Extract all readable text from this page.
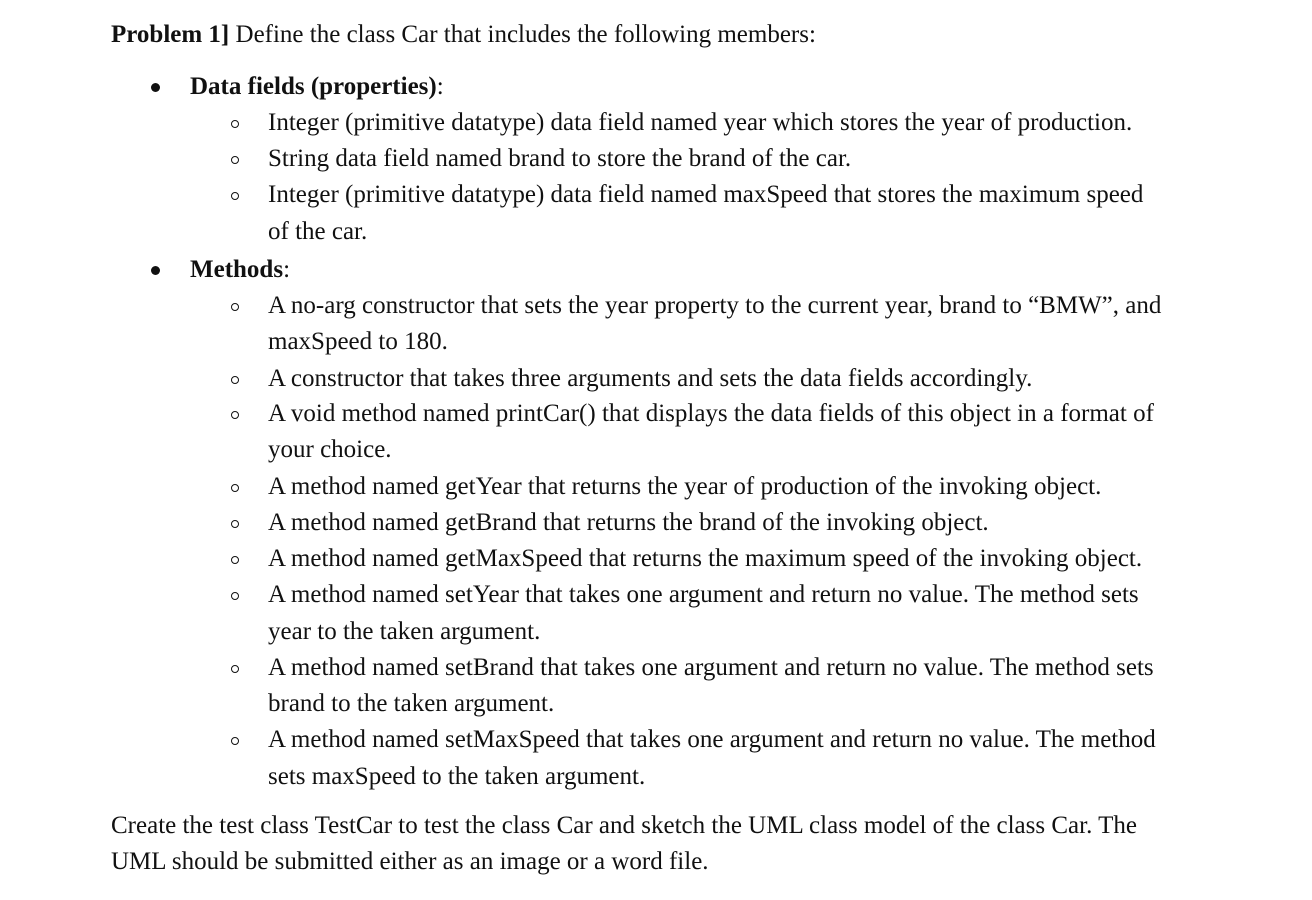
Problem 1] Define the class Car that includes the following members:
Data fields (properties):
Integer (primitive datatype) data field named year which stores the year of production.
String data field named brand to store the brand of the car.
Integer (primitive datatype) data field named maxSpeed that stores the maximum speed
of the car.
Methods:
A no-arg constructor that sets the year property to the current year, brand to “BMW”, and
maxSpeed to 180.
A constructor that takes three arguments and sets the data fields accordingly.
A void method named printCar() that displays the data fields of this object in a format of
your choice.
A method named getYear that returns the year of production of the invoking object.
A method named getBrand that returns the brand of the invoking object.
A method named getMaxSpeed that returns the maximum speed of the invoking object.
A method named setYear that takes one argument and return no value. The method sets
year to the taken argument.
A method named setBrand that takes one argument and return no value. The method sets
brand to the taken argument.
A method named setMaxSpeed that takes one argument and return no value. The method
sets maxSpeed to the taken argument.
Create the test class TestCar to test the class Car and sketch the UML class model of the class Car. The
UML should be submitted either as an image or a word file.
